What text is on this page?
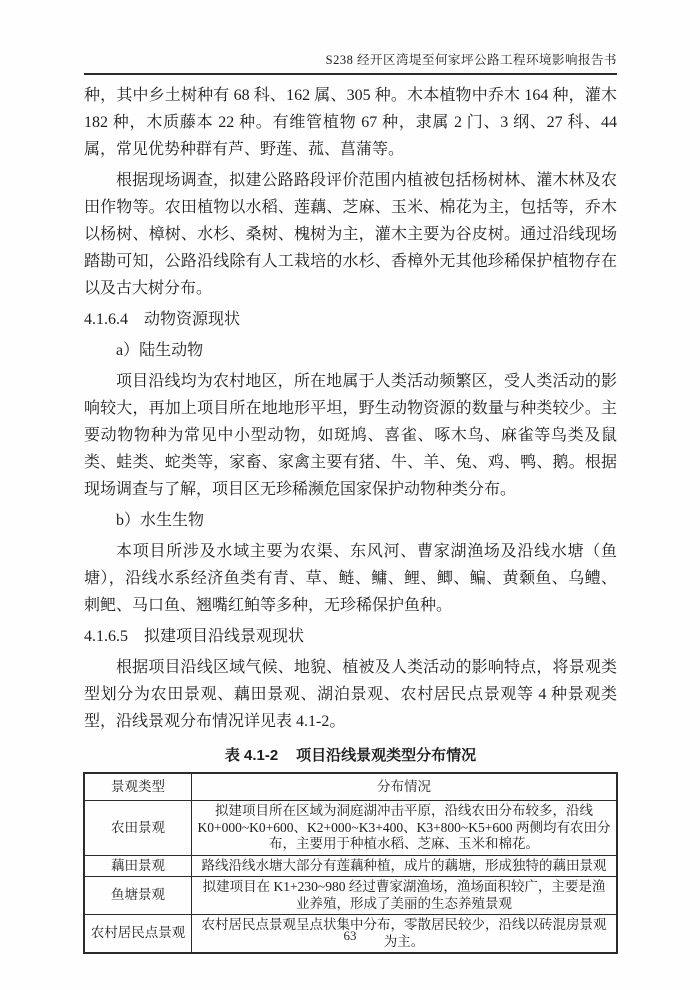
S238 经开区湾堤至何家坪公路工程环境影响报告书

种，其中乡土树种有 68 科、162 属、305 种。木本植物中乔木 164 种，灌木 182 种，木质藤本 22 种。有维管植物 67 种，隶属 2 门、3 纲、27 科、44 属，常见优势种群有芦、野莲、菰、菖蒲等。

根据现场调查，拟建公路路段评价范围内植被包括杨树林、灌木林及农田作物等。农田植物以水稻、莲藕、芝麻、玉米、棉花为主，包括等，乔木以杨树、樟树、水杉、桑树、槐树为主，灌木主要为谷皮树。通过沿线现场踏勘可知，公路沿线除有人工栽培的水杉、香樟外无其他珍稀保护植物存在以及古大树分布。

4.1.6.4　动物资源现状

a）陆生动物

项目沿线均为农村地区，所在地属于人类活动频繁区，受人类活动的影响较大，再加上项目所在地地形平坦，野生动物资源的数量与种类较少。主要动物物种为常见中小型动物，如斑鸠、喜雀、啄木鸟、麻雀等鸟类及鼠类、蛙类、蛇类等，家畜、家禽主要有猪、牛、羊、兔、鸡、鸭、鹅。根据现场调查与了解，项目区无珍稀濒危国家保护动物种类分布。

b）水生生物

本项目所涉及水域主要为农渠、东风河、曹家湖渔场及沿线水塘（鱼塘），沿线水系经济鱼类有青、草、鲢、鳙、鲤、鲫、鳊、黄颡鱼、乌鳢、刺鲃、马口鱼、翘嘴红鲌等多种，无珍稀保护鱼种。

4.1.6.5　拟建项目沿线景观现状

根据项目沿线区域气候、地貌、植被及人类活动的影响特点，将景观类型划分为农田景观、藕田景观、湖泊景观、农村居民点景观等 4 种景观类型，沿线景观分布情况详见表 4.1-2。

表 4.1-2 项目沿线景观类型分布情况
景观类型	分布情况
农田景观	拟建项目所在区域为洞庭湖冲击平原，沿线农田分布较多，沿线K0+000~K0+600、K2+000~K3+400、K3+800~K5+600 两侧均有农田分布，主要用于种植水稻、芝麻、玉米和棉花。
藕田景观	路线沿线水塘大部分有莲藕种植，成片的藕塘，形成独特的藕田景观
鱼塘景观	拟建项目在 K1+230~980 经过曹家湖渔场，渔场面积较广，主要是渔业养殖，形成了美丽的生态养殖景观
农村居民点景观	农村居民点景观呈点状集中分布，零散居民较少，沿线以砖混房景观为主。
63
